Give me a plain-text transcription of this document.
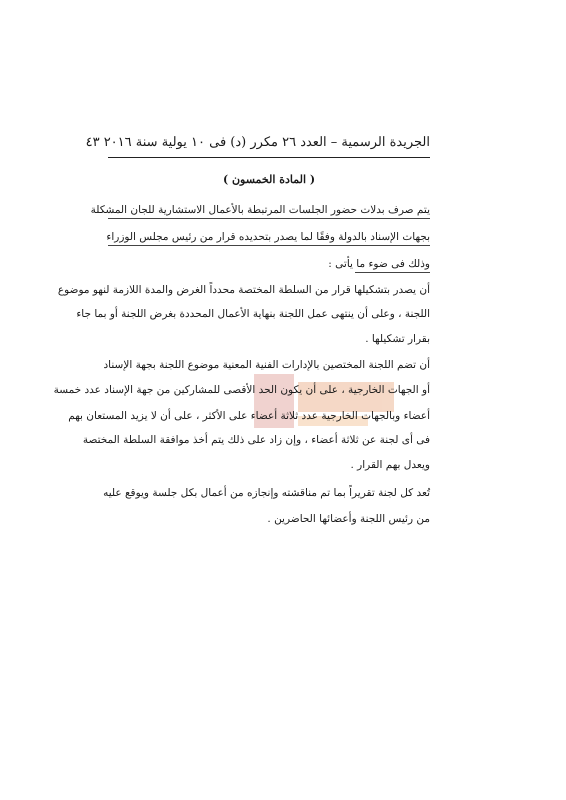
الجريدة الرسمية – العدد ٢٦ مكرر (د) فى ١٠ يولية سنة ٢٠١٦ ٤٣
( المادة الخمسون )
يتم صرف بدلات حضور الجلسات المرتبطة بالأعمال الاستشارية للجان المشكلة
بجهات الإسناد بالدولة وفقًا لما يصدر بتحديده قرار من رئيس مجلس الوزراء
وذلك فى ضوء ما يأتى :
أن يصدر بتشكيلها قرار من السلطة المختصة محدداً الغرض والمدة اللازمة لنهو موضوع
اللجنة ، وعلى أن ينتهى عمل اللجنة بنهاية الأعمال المحددة بغرض اللجنة أو بما جاء
بقرار تشكيلها .
أن تضم اللجنة المختصين بالإدارات الفنية المعنية موضوع اللجنة بجهة الإسناد
أو الجهات الخارجية ، على أن يكون الحد الأقصى للمشاركين من جهة الإسناد عدد خمسة
أعضاء وبالجهات الخارجية عدد ثلاثة أعضاء على الأكثر ، على أن لا يزيد المستعان بهم
فى أى لجنة عن ثلاثة أعضاء ، وإن زاد على ذلك يتم أخذ موافقة السلطة المختصة
ويعدل بهم القرار .
تُعد كل لجنة تقريراً بما تم مناقشته وإنجازه من أعمال بكل جلسة ويوقع عليه
من رئيس اللجنة وأعضائها الحاضرين .
